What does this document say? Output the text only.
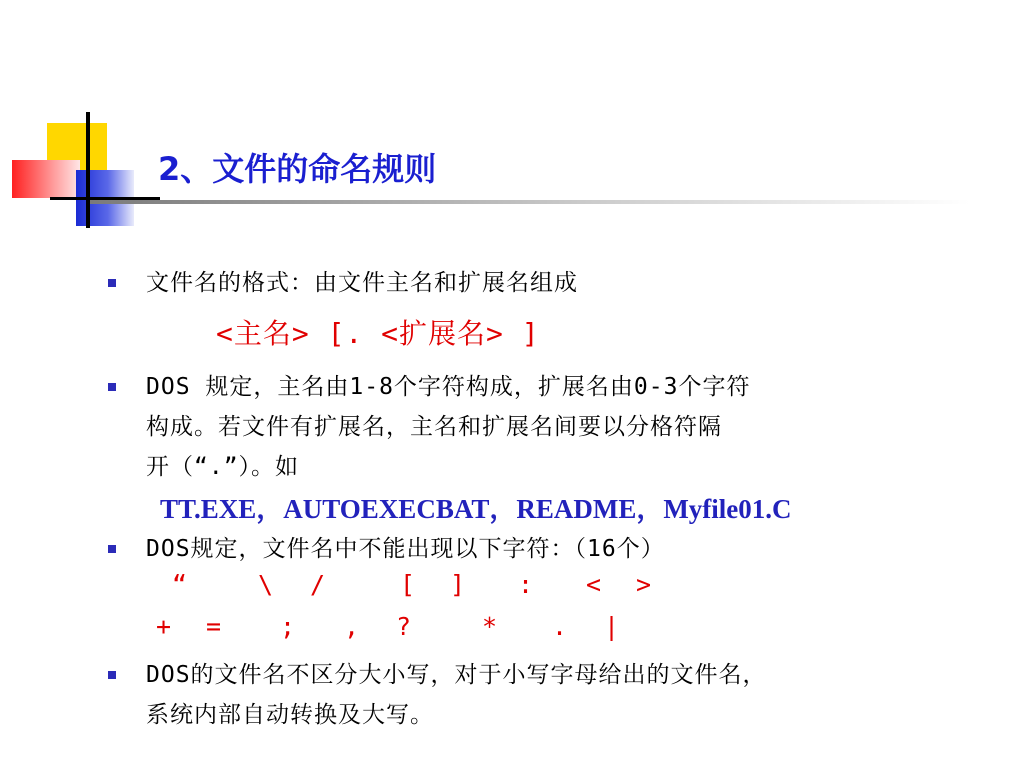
2、文件的命名规则

文件名的格式：由文件主名和扩展名组成

<主名> [. <扩展名> ]

DOS 规定，主名由1-8个字符构成，扩展名由0-3个字符

构成。若文件有扩展名，主名和扩展名间要以分格符隔

开（“.”）。如

TT.EXE，AUTOEXECBAT，README，Myfile01.C

DOS规定，文件名中不能出现以下字符：（16个）

“	\ /	[ ] : < >
+ = ; , ?	* . |

DOS的文件名不区分大小写，对于小写字母给出的文件名，

系统内部自动转换及大写。
